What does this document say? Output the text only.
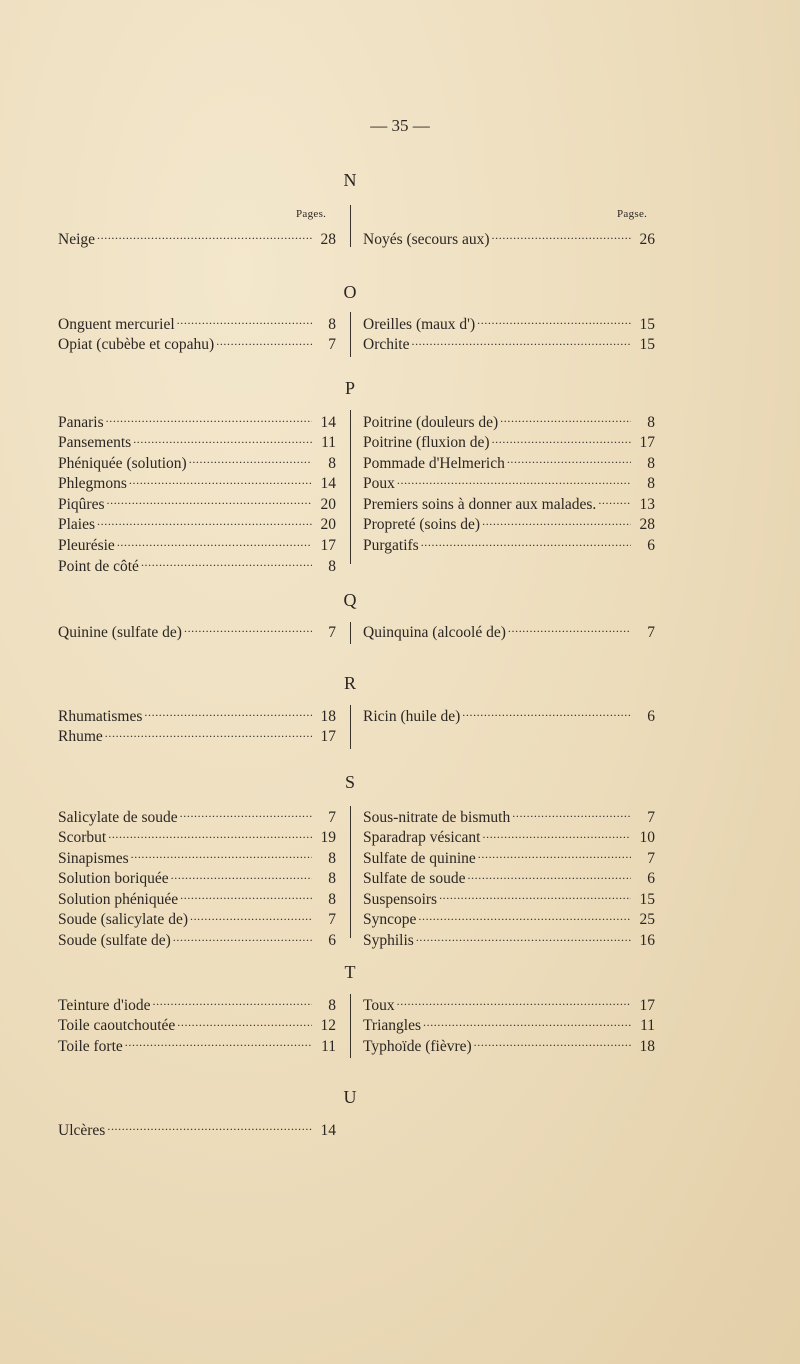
— 35 —
N
Pages.	Pagse.
Neige . . .	28 Noyés (secours aux) . . .	26
O
Onguent mercuriel . . .	8
Opiat (cubèbe et copahu) . . .	7
Oreilles (maux d') . . .	15
Orchite . . .	15
P
Panaris . . .	14
Pansements . . .	11
Phéniquée (solution) . . .	8
Phlegmons . . .	14
Piqûres . . .	20
Plaies . . .	20
Pleurésie . . .	17
Point de côté . . .	8
Poitrine (douleurs de) . . .	8
Poitrine (fluxion de) . . .	17
Pommade d'Helmerich . . .	8
Poux . . .	8
Premiers soins à donner aux malades. . . .	13
Propreté (soins de) . . .	28
Purgatifs . . .	6
Q
Quinine (sulfate de) . . .	7 Quinquina (alcoolé de) . . .	7
R
Rhumatismes . . .	18
Rhume . . .	17
Ricin (huile de) . . .	6
S
Salicylate de soude . . .	7
Scorbut . . .	19
Sinapismes . . .	8
Solution boriquée . . .	8
Solution phéniquée . . .	8
Soude (salicylate de) . . .	7
Soude (sulfate de) . . .	6
Sous-nitrate de bismuth . . .	7
Sparadrap vésicant . . .	10
Sulfate de quinine . . .	7
Sulfate de soude . . .	6
Suspensoirs . . .	15
Syncope . . .	25
Syphilis . . .	16
T
Teinture d'iode . . .	8
Toile caoutchoutée . . .	12
Toile forte . . .	11
Toux . . .	17
Triangles . . .	11
Typhoïde (fièvre) . . .	18
U
Ulcères . . .	14
